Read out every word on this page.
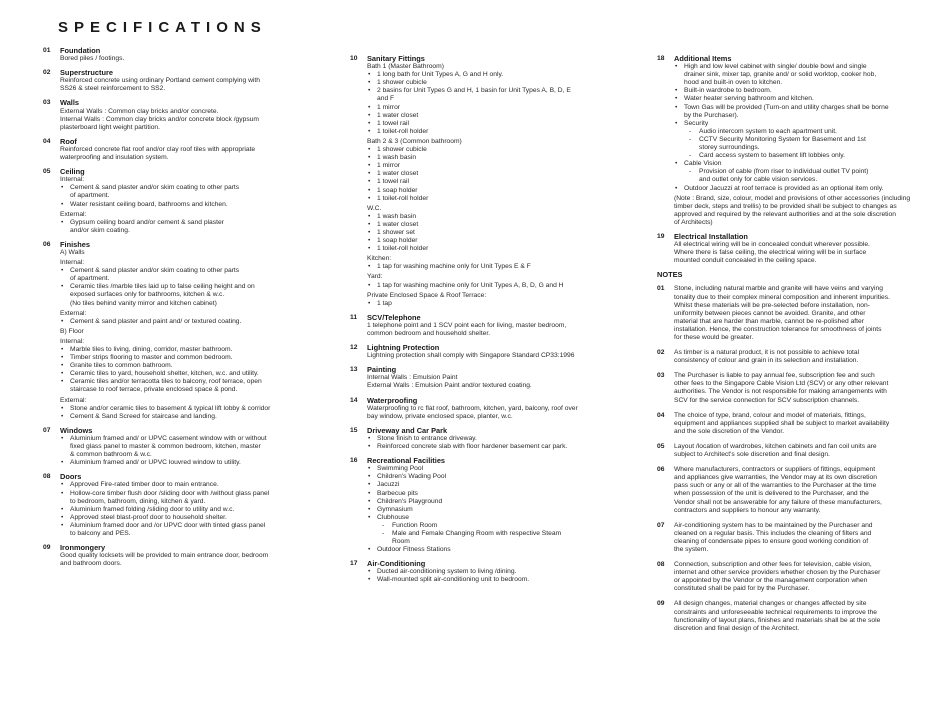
SPECIFICATIONS
01 Foundation
Bored piles / footings.
02 Superstructure
Reinforced concrete using ordinary Portland cement complying with
SS26 & steel reinforcement to SS2.
03 Walls
External Walls : Common clay bricks and/or concrete.
Internal Walls : Common clay bricks and/or concrete block /gypsum
plasterboard light weight partition.
04 Roof
Reinforced concrete flat roof and/or clay roof tiles with appropriate
waterproofing and insulation system.
05 Ceiling
Internal:
• Cement & sand plaster and/or skim coating to other parts
of apartment.
• Water resistant ceiling board, bathrooms and kitchen.
External:
• Gypsum ceiling board and/or cement & sand plaster
and/or skim coating.
06 Finishes
A) Walls
Internal:
• Cement & sand plaster and/or skim coating to other parts
of apartment.
• Ceramic tiles /marble tiles laid up to false ceiling height and on
exposed surfaces only for bathrooms, kitchen & w.c.
(No tiles behind vanity mirror and kitchen cabinet)
External:
• Cement & sand plaster and paint and/ or textured coating.
B) Floor
Internal:
• Marble tiles to living, dining, corridor, master bathroom.
• Timber strips flooring to master and common bedroom.
• Granite tiles to common bathroom.
• Ceramic tiles to yard, household shelter, kitchen, w.c. and utility.
• Ceramic tiles and/or terracotta tiles to balcony, roof terrace, open
staircase to roof terrace, private enclosed space & pond.
External:
• Stone and/or ceramic tiles to basement & typical lift lobby & corridor
• Cement & Sand Screed for staircase and landing.
07 Windows
• Aluminium framed and/ or UPVC casement window with or without
fixed glass panel to master & common bedroom, kitchen, master
& common bathroom & w.c.
• Aluminium framed and/ or UPVC louvred window to utility.
08 Doors
• Approved Fire-rated timber door to main entrance.
• Hollow-core timber flush door /sliding door with /without glass panel
to bedroom, bathroom, dining, kitchen & yard.
• Aluminium framed folding /sliding door to utility and w.c.
• Approved steel blast-proof door to household shelter.
• Aluminium framed door and /or UPVC door with tinted glass panel
to balcony and PES.
09 Ironmongery
Good quality locksets will be provided to main entrance door, bedroom
and bathroom doors.
10 Sanitary Fittings
Bath 1 (Master Bathroom)
• 1 long bath for Unit Types A, G and H only.
• 1 shower cubicle
• 2 basins for Unit Types G and H, 1 basin for Unit Types A, B, D, E
and F
• 1 mirror
• 1 water closet
• 1 towel rail
• 1 toilet-roll holder
Bath 2 & 3 (Common bathroom)
• 1 shower cubicle
• 1 wash basin
• 1 mirror
• 1 water closet
• 1 towel rail
• 1 soap holder
• 1 toilet-roll holder
W.C.
• 1 wash basin
• 1 water closet
• 1 shower set
• 1 soap holder
• 1 toilet-roll holder
Kitchen:
• 1 tap for washing machine only for Unit Types E & F
Yard:
• 1 tap for washing machine only for Unit Types A, B, D, G and H
Private Enclosed Space & Roof Terrace:
• 1 tap
11 SCV/Telephone
1 telephone point and 1 SCV point each for living, master bedroom,
common bedroom and household shelter.
12 Lightning Protection
Lightning protection shall comply with Singapore Standard CP33:1996
13 Painting
Internal Walls : Emulsion Paint
External Walls : Emulsion Paint and/or textured coating.
14 Waterproofing
Waterproofing to rc flat roof, bathroom, kitchen, yard, balcony, roof over
bay window, private enclosed space, planter, w.c.
15 Driveway and Car Park
• Stone finish to entrance driveway.
• Reinforced concrete slab with floor hardener basement car park.
16 Recreational Facilities
• Swimming Pool
• Children's Wading Pool
• Jacuzzi
• Barbecue pits
• Children's Playground
• Gymnasium
• Clubhouse
- Function Room
- Male and Female Changing Room with respective Steam
Room
• Outdoor Fitness Stations
17 Air-Conditioning
• Ducted air-conditioning system to living /dining.
• Wall-mounted split air-conditioning unit to bedroom.
18 Additional Items
• High and low level cabinet with single/ double bowl and single
drainer sink, mixer tap, granite and/ or solid worktop, cooker hob,
hood and built-in oven to kitchen.
• Built-in wardrobe to bedroom.
• Water heater serving bathroom and kitchen.
• Town Gas will be provided (Turn-on and utility charges shall be borne
by the Purchaser).
• Security
- Audio intercom system to each apartment unit.
- CCTV Security Monitoring System for Basement and 1st
storey surroundings.
- Card access system to basement lift lobbies only.
• Cable Vision
- Provision of cable (from riser to individual outlet TV point)
and outlet only for cable vision services.
• Outdoor Jacuzzi at roof terrace is provided as an optional item only.
(Note : Brand, size, colour, model and provisions of other accessories (including
timber deck, steps and trellis) to be provided shall be subject to changes as
approved and required by the relevant authorities and at the sole discretion
of Architects)
19 Electrical Installation
All electrical wiring will be in concealed conduit wherever possible.
Where there is false ceiling, the electrical wiring will be in surface
mounted conduit concealed in the ceiling space.
NOTES
01 Stone, including natural marble and granite will have veins and varying
tonality due to their complex mineral composition and inherent impurities.
Whilst these materials will be pre-selected before installation, non-
uniformity between pieces cannot be avoided. Granite, and other
material that are harder than marble, cannot be re-polished after
installation. Hence, the construction tolerance for smoothness of joints
for these would be greater.
02 As timber is a natural product, it is not possible to achieve total
consistency of colour and grain in its selection and installation.
03 The Purchaser is liable to pay annual fee, subscription fee and such
other fees to the Singapore Cable Vision Ltd (SCV) or any other relevant
authorities. The Vendor is not responsible for making arrangements with
SCV for the service connection for SCV subscription channels.
04 The choice of type, brand, colour and model of materials, fittings,
equipment and appliances supplied shall be subject to market availability
and the sole discretion of the Vendor.
05 Layout /location of wardrobes, kitchen cabinets and fan coil units are
subject to Architect's sole discretion and final design.
06 Where manufacturers, contractors or suppliers of fittings, equipment
and appliances give warranties, the Vendor may at its own discretion
pass such or any or all of the warranties to the Purchaser at the time
when possession of the unit is delivered to the Purchaser, and the
Vendor shall not be answerable for any failure of these manufacturers,
contractors and suppliers to honour any warranty.
07 Air-conditioning system has to be maintained by the Purchaser and
cleaned on a regular basis. This includes the cleaning of filters and
cleaning of condensate pipes to ensure good working condition of
the system.
08 Connection, subscription and other fees for television, cable vision,
internet and other service providers whether chosen by the Purchaser
or appointed by the Vendor or the management corporation when
constituted shall be paid for by the Purchaser.
09 All design changes, material changes or changes affected by site
constraints and unforeseeable technical requirements to improve the
functionality of layout plans, finishes and materials shall be at the sole
discretion and final design of the Architect.
